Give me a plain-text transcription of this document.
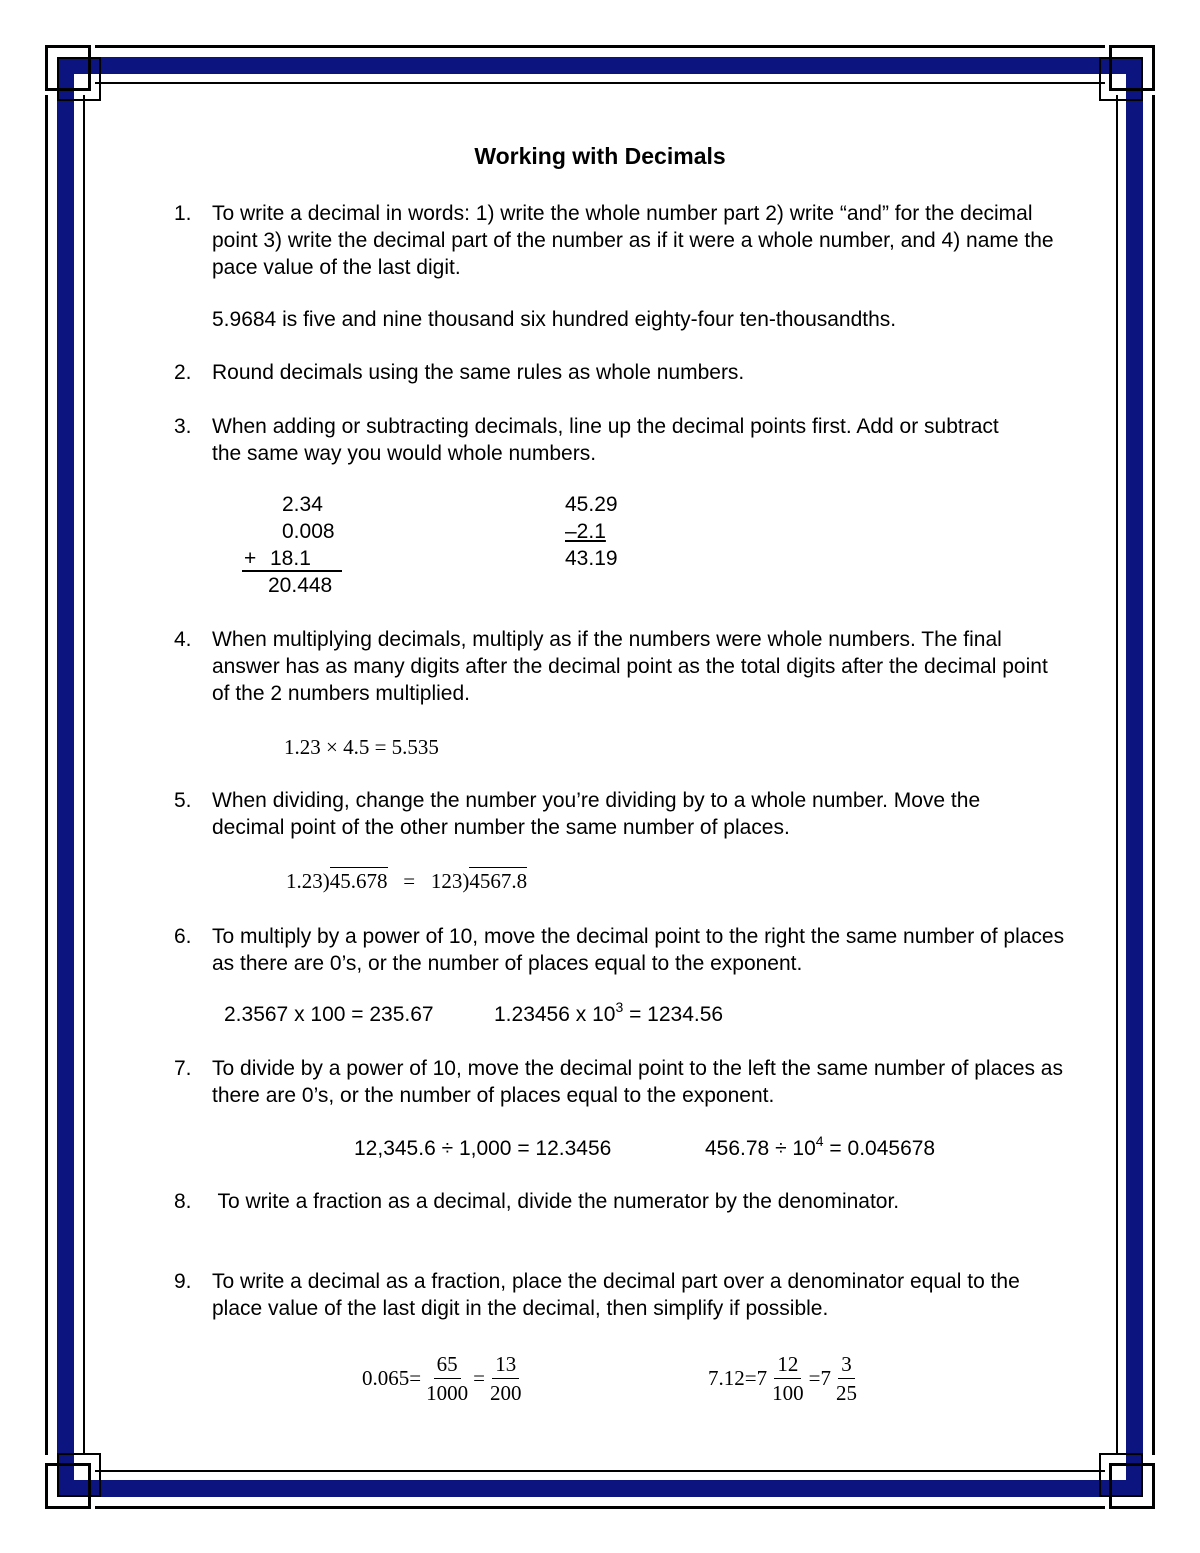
Working with Decimals
1. To write a decimal in words: 1) write the whole number part 2) write “and” for the decimal point 3) write the decimal part of the number as if it were a whole number, and 4) name the pace value of the last digit.
5.9684 is five and nine thousand six hundred eighty-four ten-thousandths.
2. Round decimals using the same rules as whole numbers.
3. When adding or subtracting decimals, line up the decimal points first. Add or subtract the same way you would whole numbers.
2.34
0.008
+ 18.1
20.448
45.29
–2.1
43.19
4. When multiplying decimals, multiply as if the numbers were whole numbers. The final answer has as many digits after the decimal point as the total digits after the decimal point of the 2 numbers multiplied.
1.23 × 4.5 = 5.535
5. When dividing, change the number you’re dividing by to a whole number. Move the decimal point of the other number the same number of places.
1.23)45.678 = 123)4567.8
6. To multiply by a power of 10, move the decimal point to the right the same number of places as there are 0’s, or the number of places equal to the exponent.
2.3567 x 100 = 235.67	1.23456 x $10^3 = 1234.56$
7. To divide by a power of 10, move the decimal point to the left the same number of places as there are 0’s, or the number of places equal to the exponent.
12,345.6 ÷ 1,000 = 12.3456	$456.78 \div 10^4 = 0.045678$
8. To write a fraction as a decimal, divide the numerator by the denominator.
9. To write a decimal as a fraction, place the decimal part over a denominator equal to the place value of the last digit in the decimal, then simplify if possible.
$0.065 = \frac{65}{1000} = \frac{13}{200}$	$7.12 = 7 \frac{12}{100} = 7 \frac{3}{25}$
